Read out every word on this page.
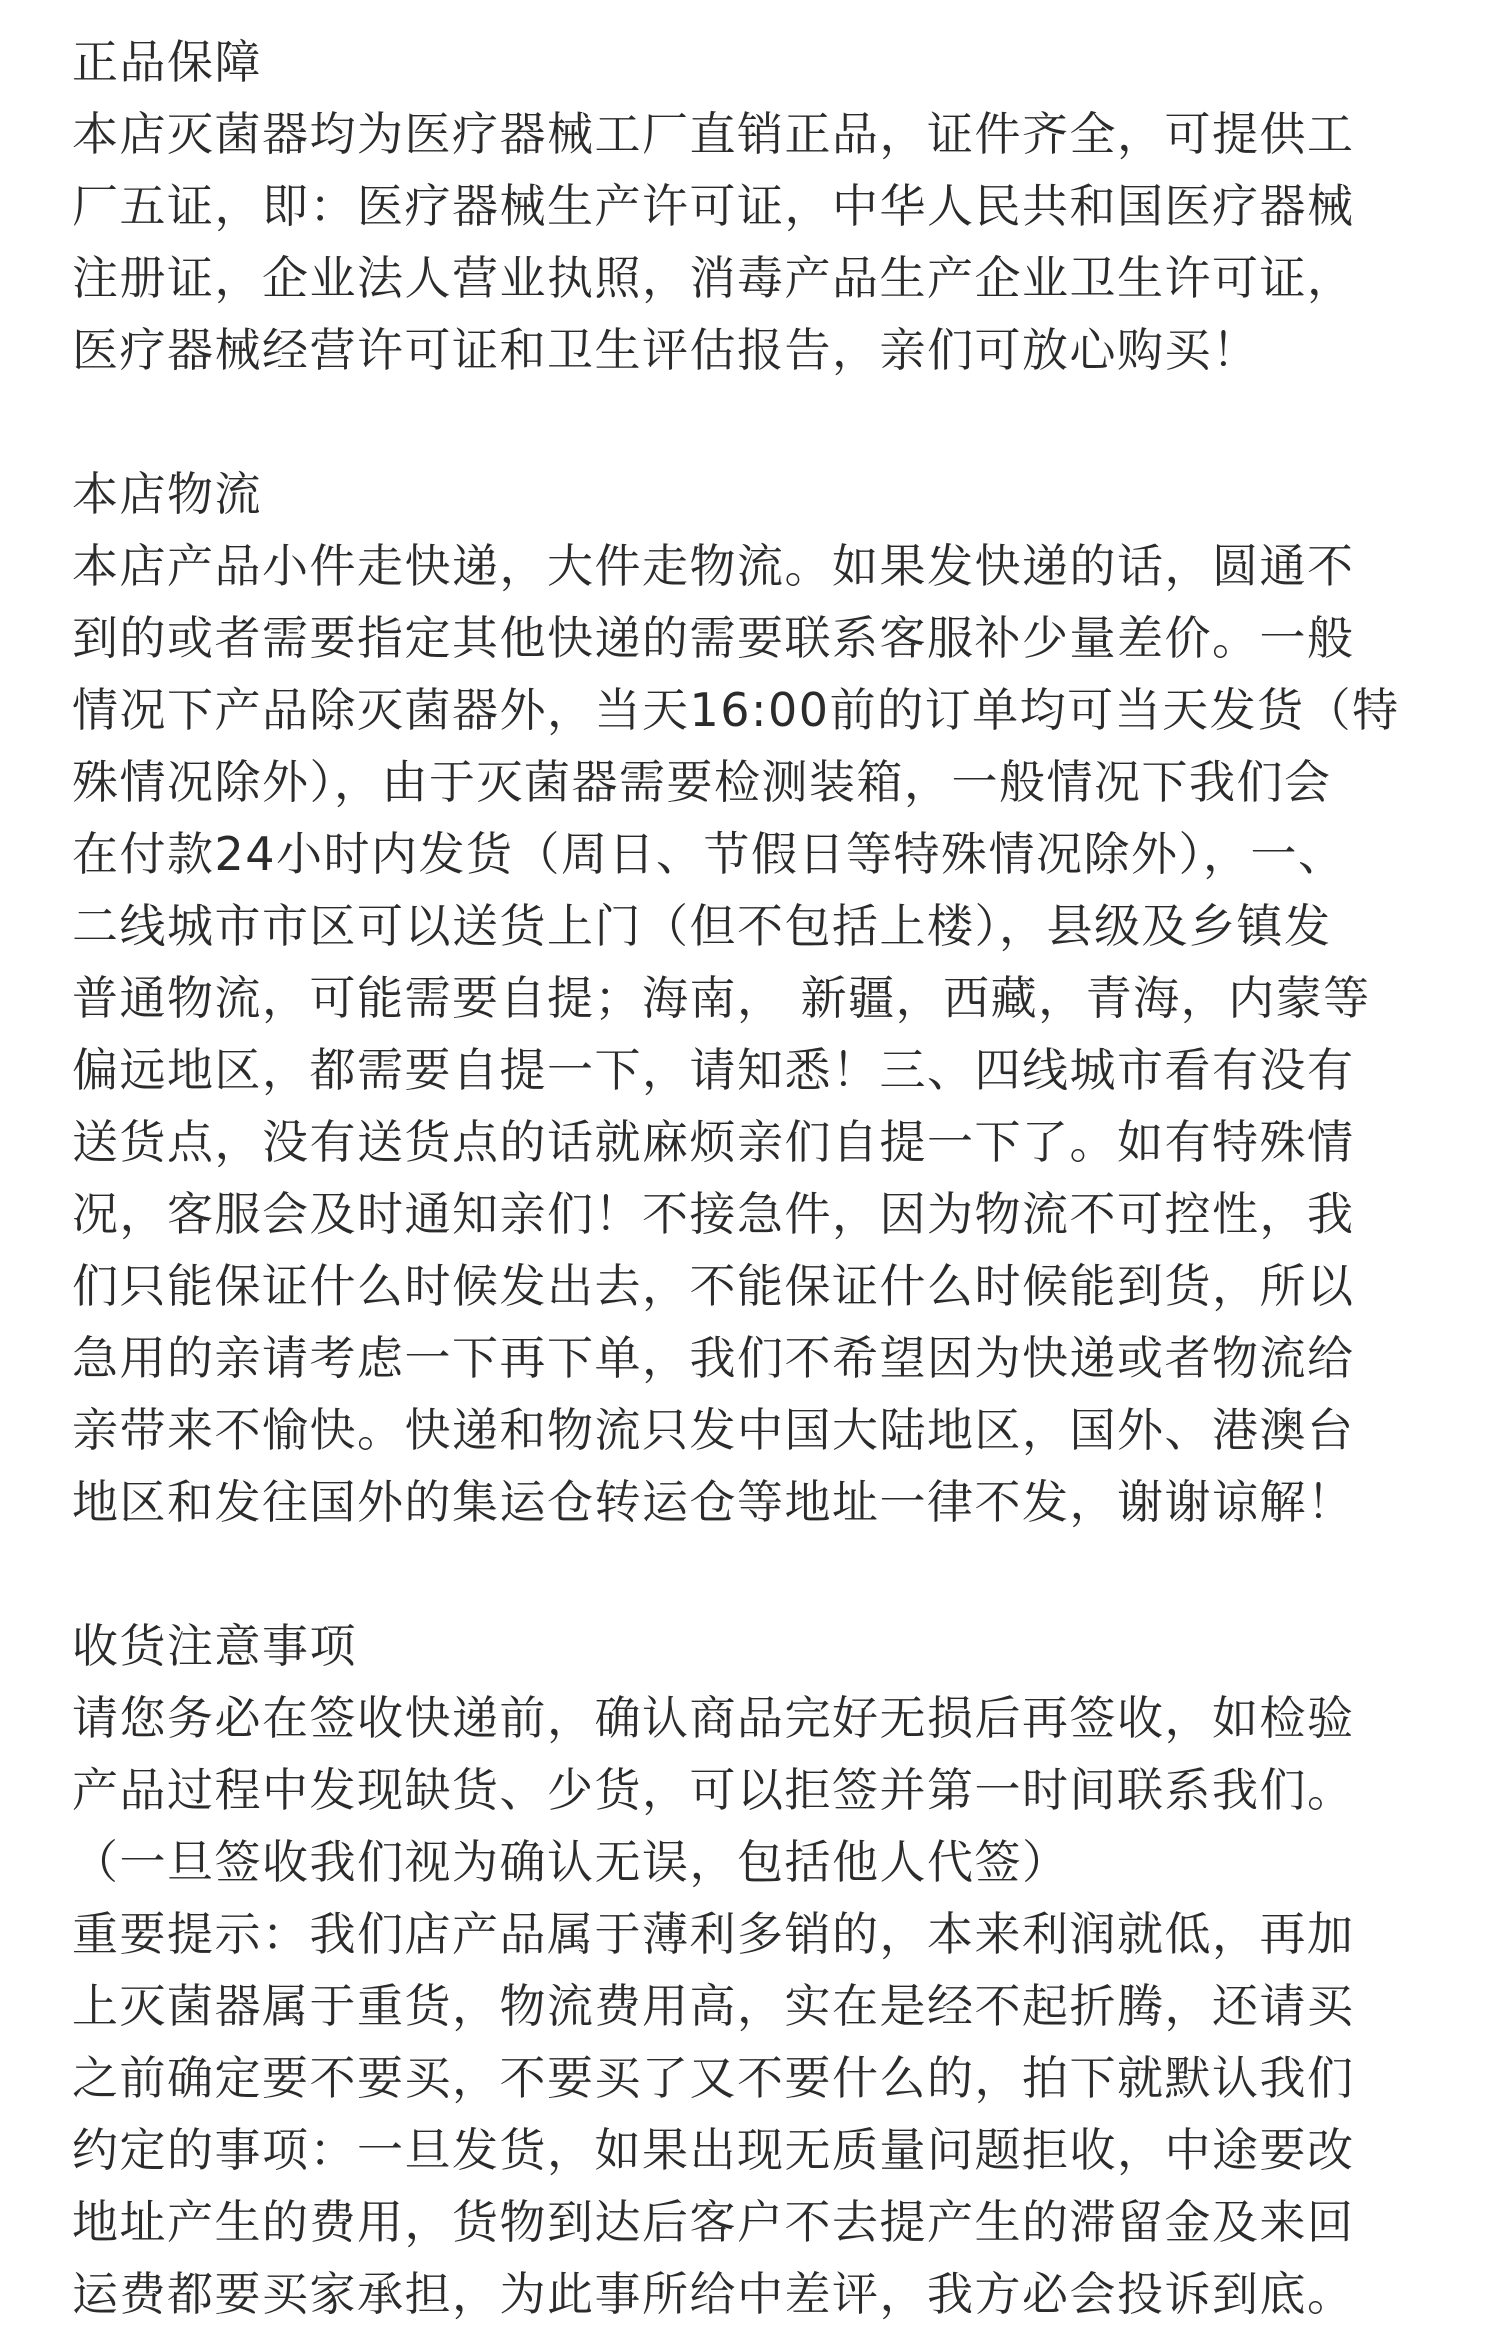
正品保障
本店灭菌器均为医疗器械工厂直销正品，证件齐全，可提供工
厂五证，即：医疗器械生产许可证，中华人民共和国医疗器械
注册证，企业法人营业执照，消毒产品生产企业卫生许可证，
医疗器械经营许可证和卫生评估报告，亲们可放心购买！
本店物流
本店产品小件走快递，大件走物流。如果发快递的话，圆通不
到的或者需要指定其他快递的需要联系客服补少量差价。一般
情况下产品除灭菌器外，当天16:00前的订单均可当天发货（特
殊情况除外），由于灭菌器需要检测装箱，一般情况下我们会
在付款24小时内发货（周日、节假日等特殊情况除外），一、
二线城市市区可以送货上门（但不包括上楼），县级及乡镇发
普通物流，可能需要自提；海南， 新疆，西藏，青海，内蒙等
偏远地区，都需要自提一下，请知悉！三、四线城市看有没有
送货点，没有送货点的话就麻烦亲们自提一下了。如有特殊情
况，客服会及时通知亲们！不接急件，因为物流不可控性，我
们只能保证什么时候发出去，不能保证什么时候能到货，所以
急用的亲请考虑一下再下单，我们不希望因为快递或者物流给
亲带来不愉快。快递和物流只发中国大陆地区，国外、港澳台
地区和发往国外的集运仓转运仓等地址一律不发，谢谢谅解！
收货注意事项
请您务必在签收快递前，确认商品完好无损后再签收，如检验
产品过程中发现缺货、少货，可以拒签并第一时间联系我们。
（一旦签收我们视为确认无误，包括他人代签）
重要提示：我们店产品属于薄利多销的，本来利润就低，再加
上灭菌器属于重货，物流费用高，实在是经不起折腾，还请买
之前确定要不要买，不要买了又不要什么的，拍下就默认我们
约定的事项：一旦发货，如果出现无质量问题拒收，中途要改
地址产生的费用，货物到达后客户不去提产生的滞留金及来回
运费都要买家承担，为此事所给中差评，我方必会投诉到底。
